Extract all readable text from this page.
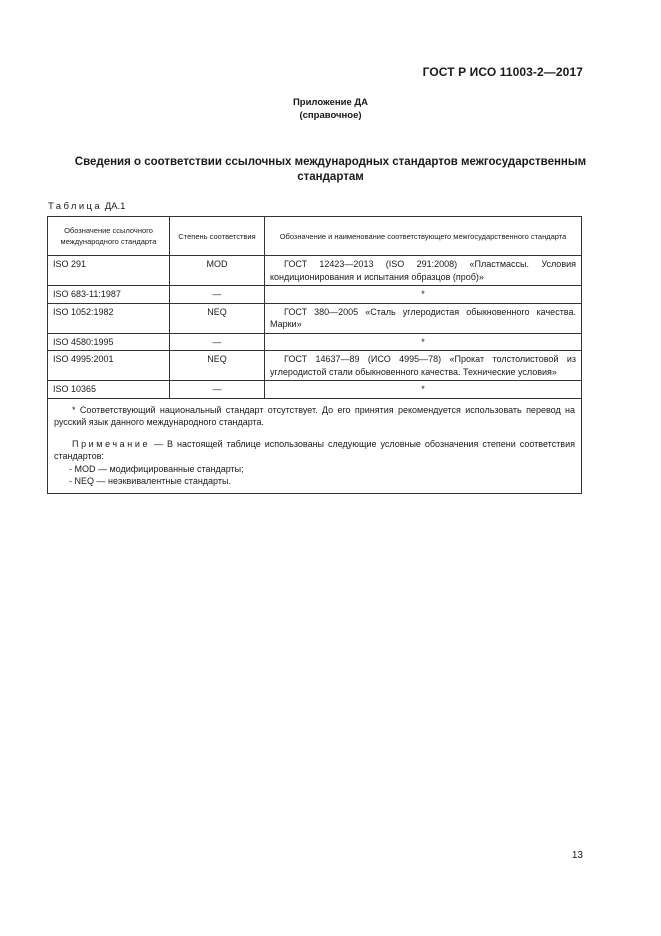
ГОСТ Р ИСО 11003-2—2017
Приложение ДА
(справочное)
Сведения о соответствии ссылочных международных стандартов межгосударственным стандартам
Таблица ДА.1
Обозначение ссылочного международного стандарта	Степень соответствия	Обозначение и наименование соответствующего межгосударственного стандарта
ISO 291	MOD	ГОСТ 12423—2013 (ISO 291:2008) «Пластмассы. Условия кондиционирования и испытания образцов (проб)»
ISO 683-11:1987	—	*
ISO 1052:1982	NEQ	ГОСТ 380—2005 «Сталь углеродистая обыкновенного качества. Марки»
ISO 4580:1995	—	*
ISO 4995:2001	NEQ	ГОСТ 14637—89 (ИСО 4995—78) «Прокат толстолистовой из углеродистой стали обыкновенного качества. Технические условия»
ISO 10365	—	*

* Соответствующий национальный стандарт отсутствует. До его принятия рекомендуется использовать перевод на русский язык данного международного стандарта.

Примечание — В настоящей таблице использованы следующие условные обозначения степени соответствия стандартов:

- MOD — модифицированные стандарты;

- NEQ — неэквивалентные стандарты.		

13
